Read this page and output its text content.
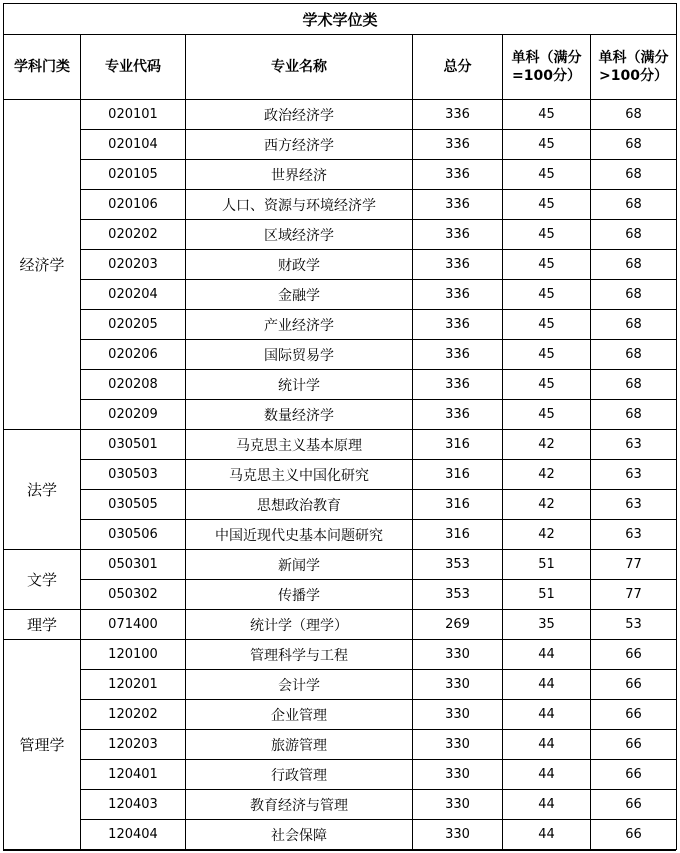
学术学位类					
学科门类	专业代码	专业名称	总分	单科（满分=100分）	单科（满分>100分）
经济学	020101	政治经济学	336	45	68
	020104	西方经济学	336	45	68
	020105	世界经济	336	45	68
	020106	人口、资源与环境经济学	336	45	68
	020202	区域经济学	336	45	68
	020203	财政学	336	45	68
	020204	金融学	336	45	68
	020205	产业经济学	336	45	68
	020206	国际贸易学	336	45	68
	020208	统计学	336	45	68
	020209	数量经济学	336	45	68
法学	030501	马克思主义基本原理	316	42	63
	030503	马克思主义中国化研究	316	42	63
	030505	思想政治教育	316	42	63
	030506	中国近现代史基本问题研究	316	42	63
文学	050301	新闻学	353	51	77
	050302	传播学	353	51	77
理学	071400	统计学（理学）	269	35	53
管理学	120100	管理科学与工程	330	44	66
	120201	会计学	330	44	66
	120202	企业管理	330	44	66
	120203	旅游管理	330	44	66
	120401	行政管理	330	44	66
	120403	教育经济与管理	330	44	66
	120404	社会保障	330	44	66
